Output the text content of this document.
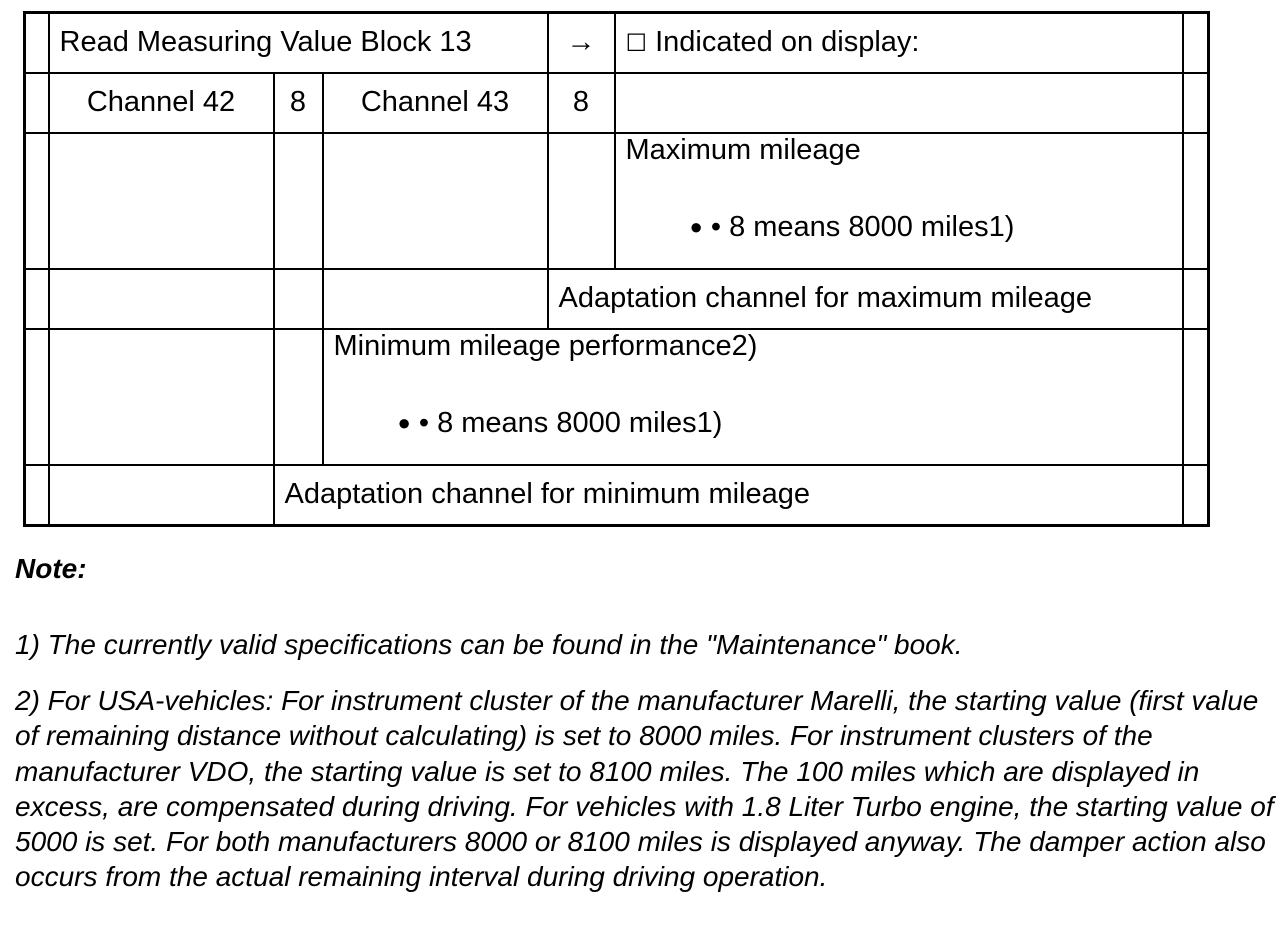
	Read Measuring Value Block 13			→	☐ Indicated on display:	
	Channel 42	8	Channel 43	8		

					Maximum mileage
● • 8 means 8000 miles1)	

				Adaptation channel for maximum mileage		

			Minimum mileage performance2)
● • 8 means 8000 miles1)			

		Adaptation channel for minimum mileage				
Note:
1) The currently valid specifications can be found in the "Maintenance" book.
2) For USA-vehicles: For instrument cluster of the manufacturer Marelli, the starting value (first value of remaining distance without calculating) is set to 8000 miles. For instrument clusters of the manufacturer VDO, the starting value is set to 8100 miles. The 100 miles which are displayed in excess, are compensated during driving. For vehicles with 1.8 Liter Turbo engine, the starting value of 5000 is set. For both manufacturers 8000 or 8100 miles is displayed anyway. The damper action also occurs from the actual remaining interval during driving operation.
